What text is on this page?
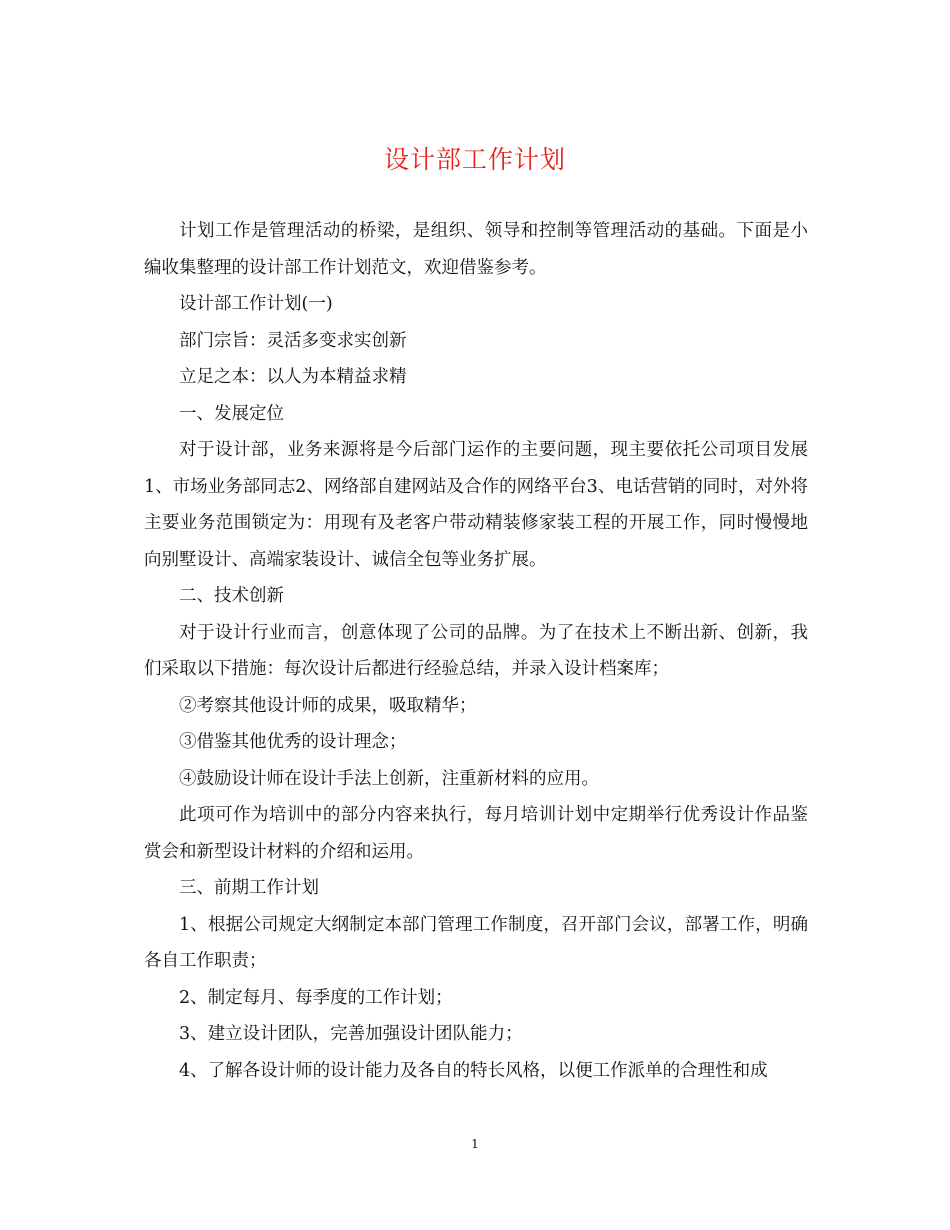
设计部工作计划

计划工作是管理活动的桥梁，是组织、领导和控制等管理活动的基础。下面是小编收集整理的设计部工作计划范文，欢迎借鉴参考。

设计部工作计划(一)

部门宗旨：灵活多变求实创新

立足之本：以人为本精益求精

一、发展定位

对于设计部，业务来源将是今后部门运作的主要问题，现主要依托公司项目发展1、市场业务部同志2、网络部自建网站及合作的网络平台3、电话营销的同时，对外将主要业务范围锁定为：用现有及老客户带动精装修家装工程的开展工作，同时慢慢地向别墅设计、高端家装设计、诚信全包等业务扩展。

二、技术创新

对于设计行业而言，创意体现了公司的品牌。为了在技术上不断出新、创新，我们采取以下措施：每次设计后都进行经验总结，并录入设计档案库；

②考察其他设计师的成果，吸取精华；

③借鉴其他优秀的设计理念；

④鼓励设计师在设计手法上创新，注重新材料的应用。

此项可作为培训中的部分内容来执行，每月培训计划中定期举行优秀设计作品鉴赏会和新型设计材料的介绍和运用。

三、前期工作计划

1、根据公司规定大纲制定本部门管理工作制度，召开部门会议，部署工作，明确各自工作职责；

2、制定每月、每季度的工作计划；

3、建立设计团队，完善加强设计团队能力；

4、了解各设计师的设计能力及各自的特长风格，以便工作派单的合理性和成

1
